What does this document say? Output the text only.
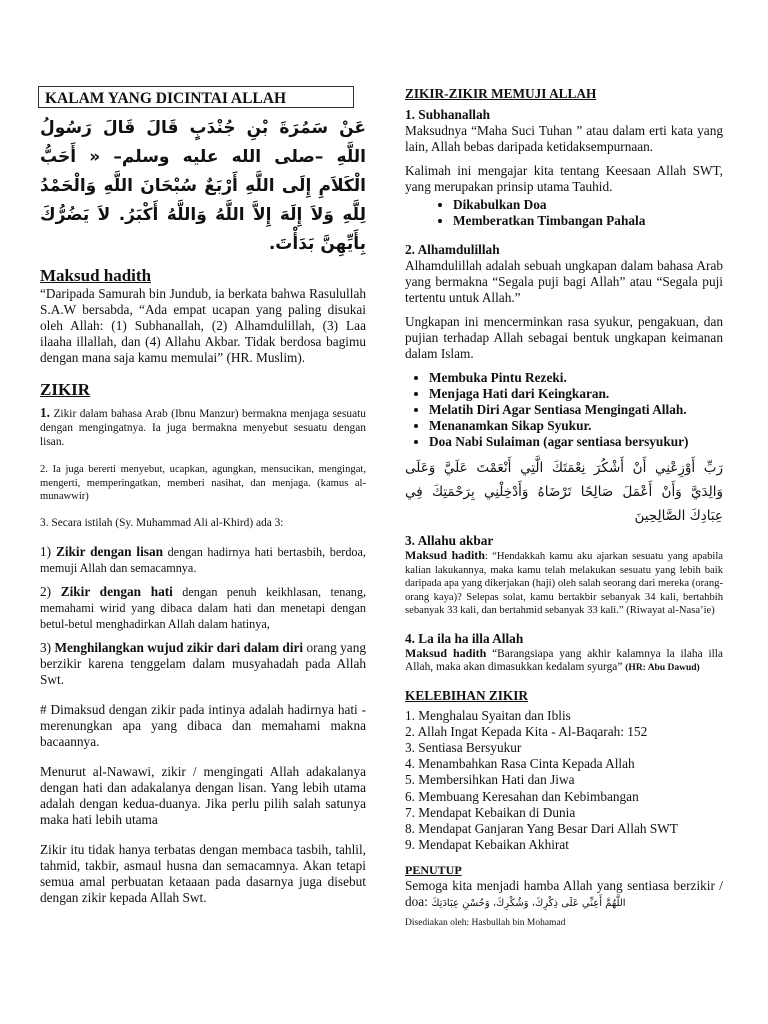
KALAM YANG DICINTAI ALLAH
عَنْ سَمُرَةَ بْنِ جُنْدَبٍ قَالَ قَالَ رَسُولُ اللَّهِ –صلى الله عليه وسلم– « أَحَبُّ الْكَلاَمِ إِلَى اللَّهِ أَرْبَعٌ سُبْحَانَ اللَّهِ وَالْحَمْدُ لِلَّهِ وَلاَ إِلَهَ إِلاَّ اللَّهُ وَاللَّهُ أَكْبَرُ. لاَ يَضُرُّكَ بِأَيِّهِنَّ بَدَأْتَ.
Maksud hadith

“Daripada Samurah bin Jundub, ia berkata bahwa Rasulullah S.A.W bersabda, “Ada empat ucapan yang paling disukai oleh Allah: (1) Subhanallah, (2) Alhamdulillah, (3) Laa ilaaha illallah, dan (4) Allahu Akbar. Tidak berdosa bagimu dengan mana saja kamu memulai” (HR. Muslim).

ZIKIR

1. Zikir dalam bahasa Arab (Ibnu Manzur) bermakna menjaga sesuatu dengan mengingatnya. Ia juga bermakna menyebut sesuatu dengan lisan.

2. Ia juga bererti menyebut, ucapkan, agungkan, mensucikan, mengingat, mengerti, memperingatkan, memberi nasihat, dan menjaga. (kamus al-munawwir)

3. Secara istilah (Sy. Muhammad Ali al-Khird) ada 3:

1) Zikir dengan lisan dengan hadirnya hati bertasbih, berdoa, memuji Allah dan semacamnya.

2) Zikir dengan hati dengan penuh keikhlasan, tenang, memahami wirid yang dibaca dalam hati dan menetapi dengan betul-betul menghadirkan Allah dalam hatinya,

3) Menghilangkan wujud zikir dari dalam diri orang yang berzikir karena tenggelam dalam musyahadah pada Allah Swt.

# Dimaksud dengan zikir pada intinya adalah hadirnya hati - merenungkan apa yang dibaca dan memahami makna bacaannya.

Menurut al-Nawawi, zikir / mengingati Allah adakalanya dengan hati dan adakalanya dengan lisan. Yang lebih utama adalah dengan kedua-duanya. Jika perlu pilih salah satunya maka hati lebih utama

Zikir itu tidak hanya terbatas dengan membaca tasbih, tahlil, tahmid, takbir, asmaul husna dan semacamnya. Akan tetapi semua amal perbuatan ketaaan pada dasarnya juga disebut dengan zikir kepada Allah Swt.

ZIKIR-ZIKIR MEMUJI ALLAH
1. Subhanallah

Maksudnya “Maha Suci Tuhan ” atau dalam erti kata yang lain, Allah bebas daripada ketidaksempurnaan.

Kalimah ini mengajar kita tentang Keesaan Allah SWT, yang merupakan prinsip utama Tauhid.

• Dikabulkan Doa
• Memberatkan Timbangan Pahala
2. Alhamdulillah

Alhamdulillah adalah sebuah ungkapan dalam bahasa Arab yang bermakna “Segala puji bagi Allah” atau “Segala puji tertentu untuk Allah.”

Ungkapan ini mencerminkan rasa syukur, pengakuan, dan pujian terhadap Allah sebagai bentuk ungkapan keimanan dalam Islam.

• Membuka Pintu Rezeki.
• Menjaga Hati dari Keingkaran.
• Melatih Diri Agar Sentiasa Mengingati Allah.
• Menanamkan Sikap Syukur.
• Doa Nabi Sulaiman (agar sentiasa bersyukur)
رَبِّ أَوْزِعْنِي أَنْ أَشْكُرَ نِعْمَتَكَ الَّتِي أَنْعَمْتَ عَلَيَّ وَعَلَى وَالِدَيَّ وَأَنْ أَعْمَلَ صَالِحًا تَرْضَاهُ وَأَدْخِلْنِي بِرَحْمَتِكَ فِي عِبَادِكَ الصَّالِحِينَ
3. Allahu akbar

Maksud hadith: “Hendakkah kamu aku ajarkan sesuatu yang apabila kalian lakukannya, maka kamu telah melakukan sesuatu yang lebih baik daripada apa yang dikerjakan (haji) oleh salah seorang dari mereka (orang-orang kaya)? Selepas solat, kamu bertakbir sebanyak 34 kali, bertahbih sebanyak 33 kali, dan bertahmid sebanyak 33 kali.” (Riwayat al-Nasa’ie)

4. La ila ha illa Allah

Maksud hadith “Barangsiapa yang akhir kalamnya la ilaha illa Allah, maka akan dimasukkan kedalam syurga” (HR: Abu Dawud)

KELEBIHAN ZIKIR
1. Menghalau Syaitan dan Iblis
2. Allah Ingat Kepada Kita - Al-Baqarah: 152
3. Sentiasa Bersyukur
4. Menambahkan Rasa Cinta Kepada Allah
5. Membersihkan Hati dan Jiwa
6. Membuang Keresahan dan Kebimbangan
7. Mendapat Kebaikan di Dunia
8. Mendapat Ganjaran Yang Besar Dari Allah SWT
9. Mendapat Kebaikan Akhirat
PENUTUP

Semoga kita menjadi hamba Allah yang sentiasa berzikir / doa: اللَّهُمَّ أَعِنِّي عَلَى ذِكْرِكَ، وَشُكْرِكَ، وَحُسْنِ عِبَادَتِكَ

Disediakan oleh: Hasbullah bin Mohamad
